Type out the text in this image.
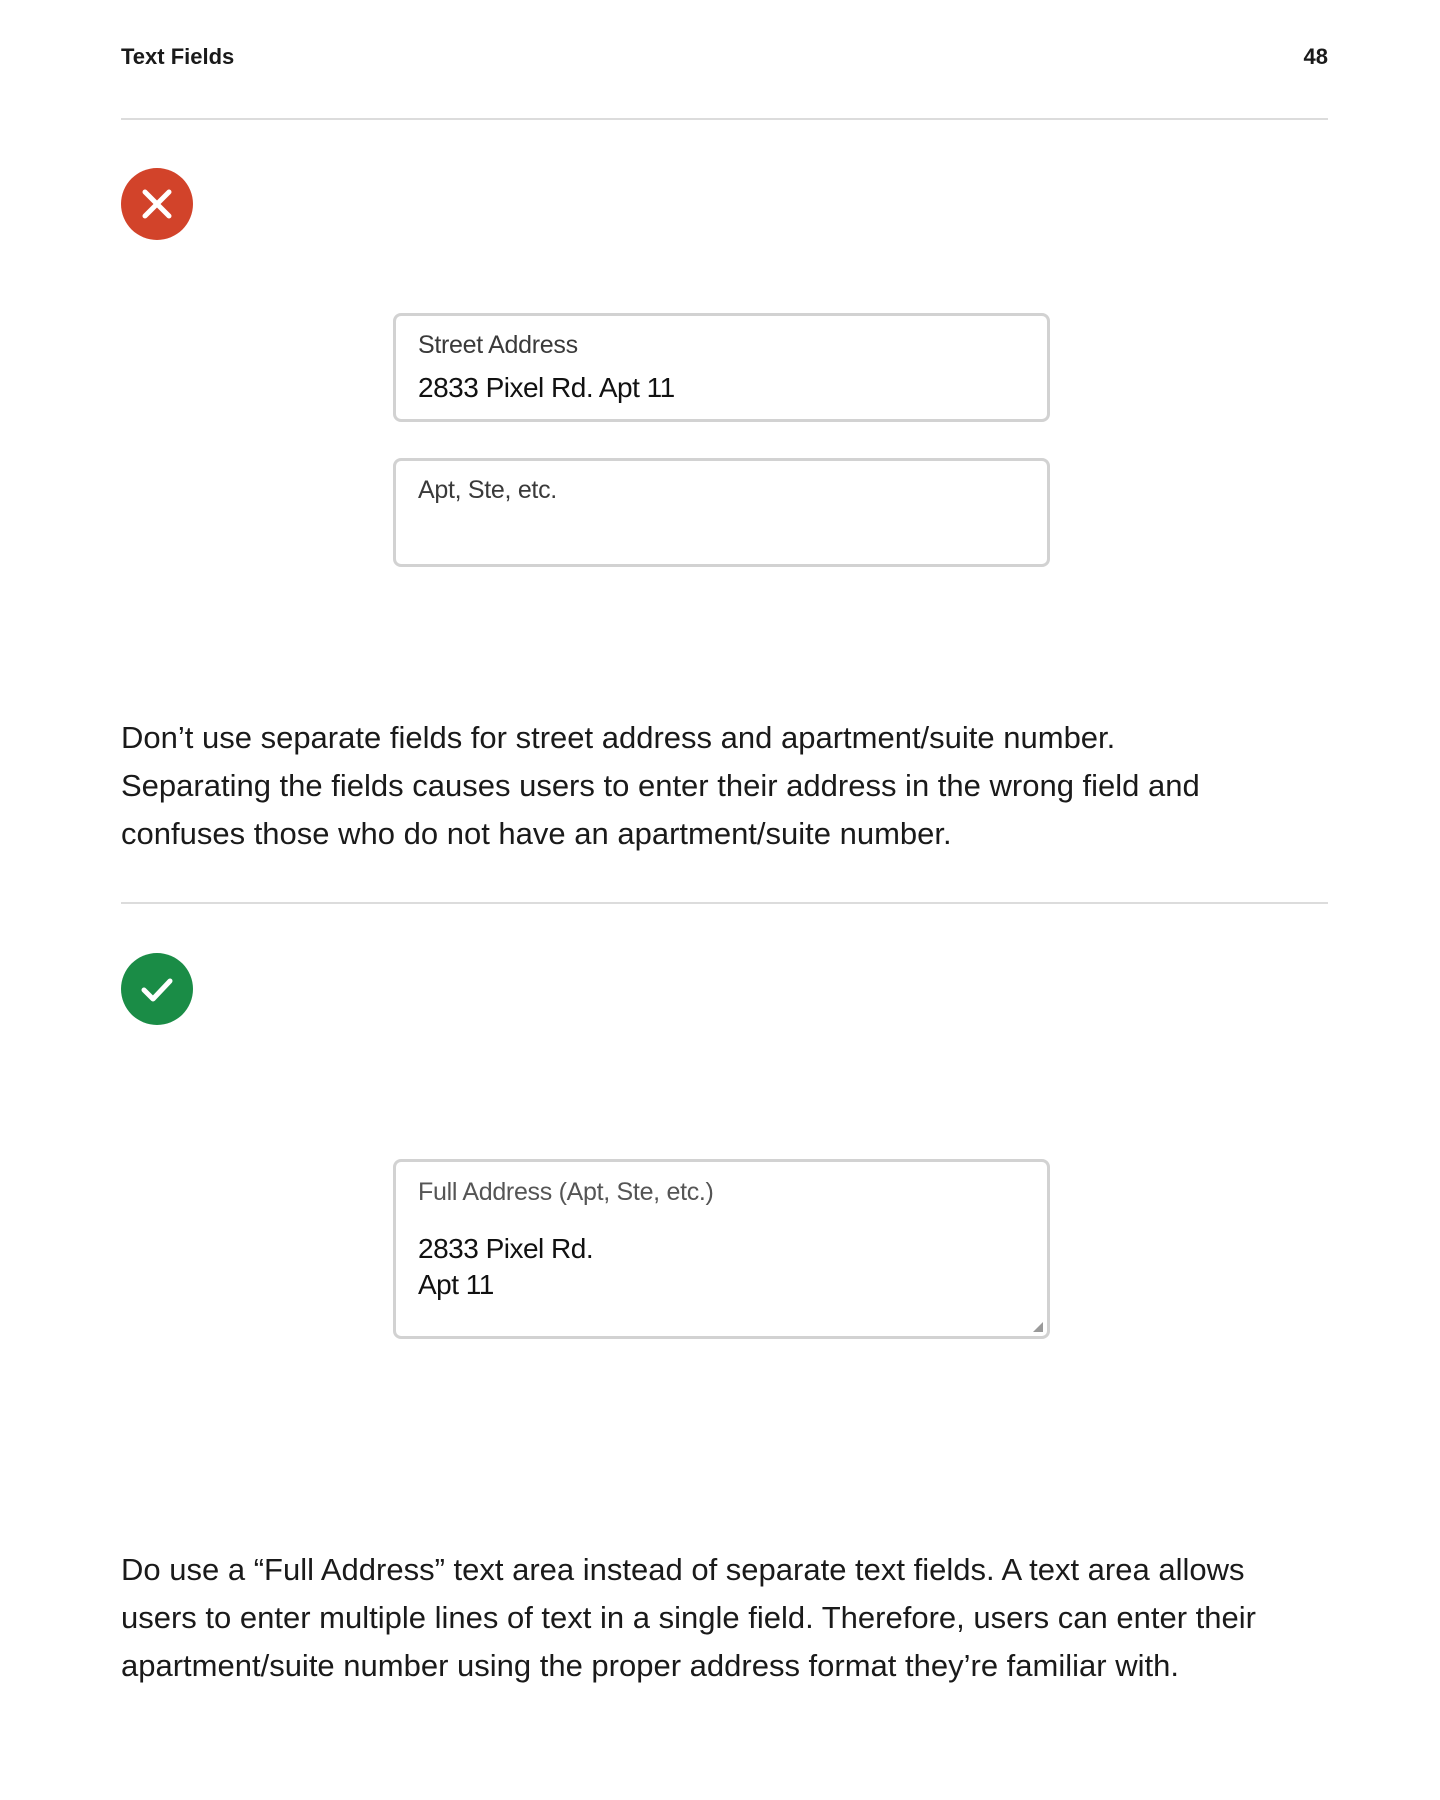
Text Fields	48
Street Address
2833 Pixel Rd. Apt 11
Apt, Ste, etc.

Don’t use separate fields for street address and apartment/suite number.
Separating the fields causes users to enter their address in the wrong field and
confuses those who do not have an apartment/suite number.

Full Address (Apt, Ste, etc.)
2833 Pixel Rd.
Apt 11

Do use a “Full Address” text area instead of separate text fields. A text area allows
users to enter multiple lines of text in a single field. Therefore, users can enter their
apartment/suite number using the proper address format they’re familiar with.
